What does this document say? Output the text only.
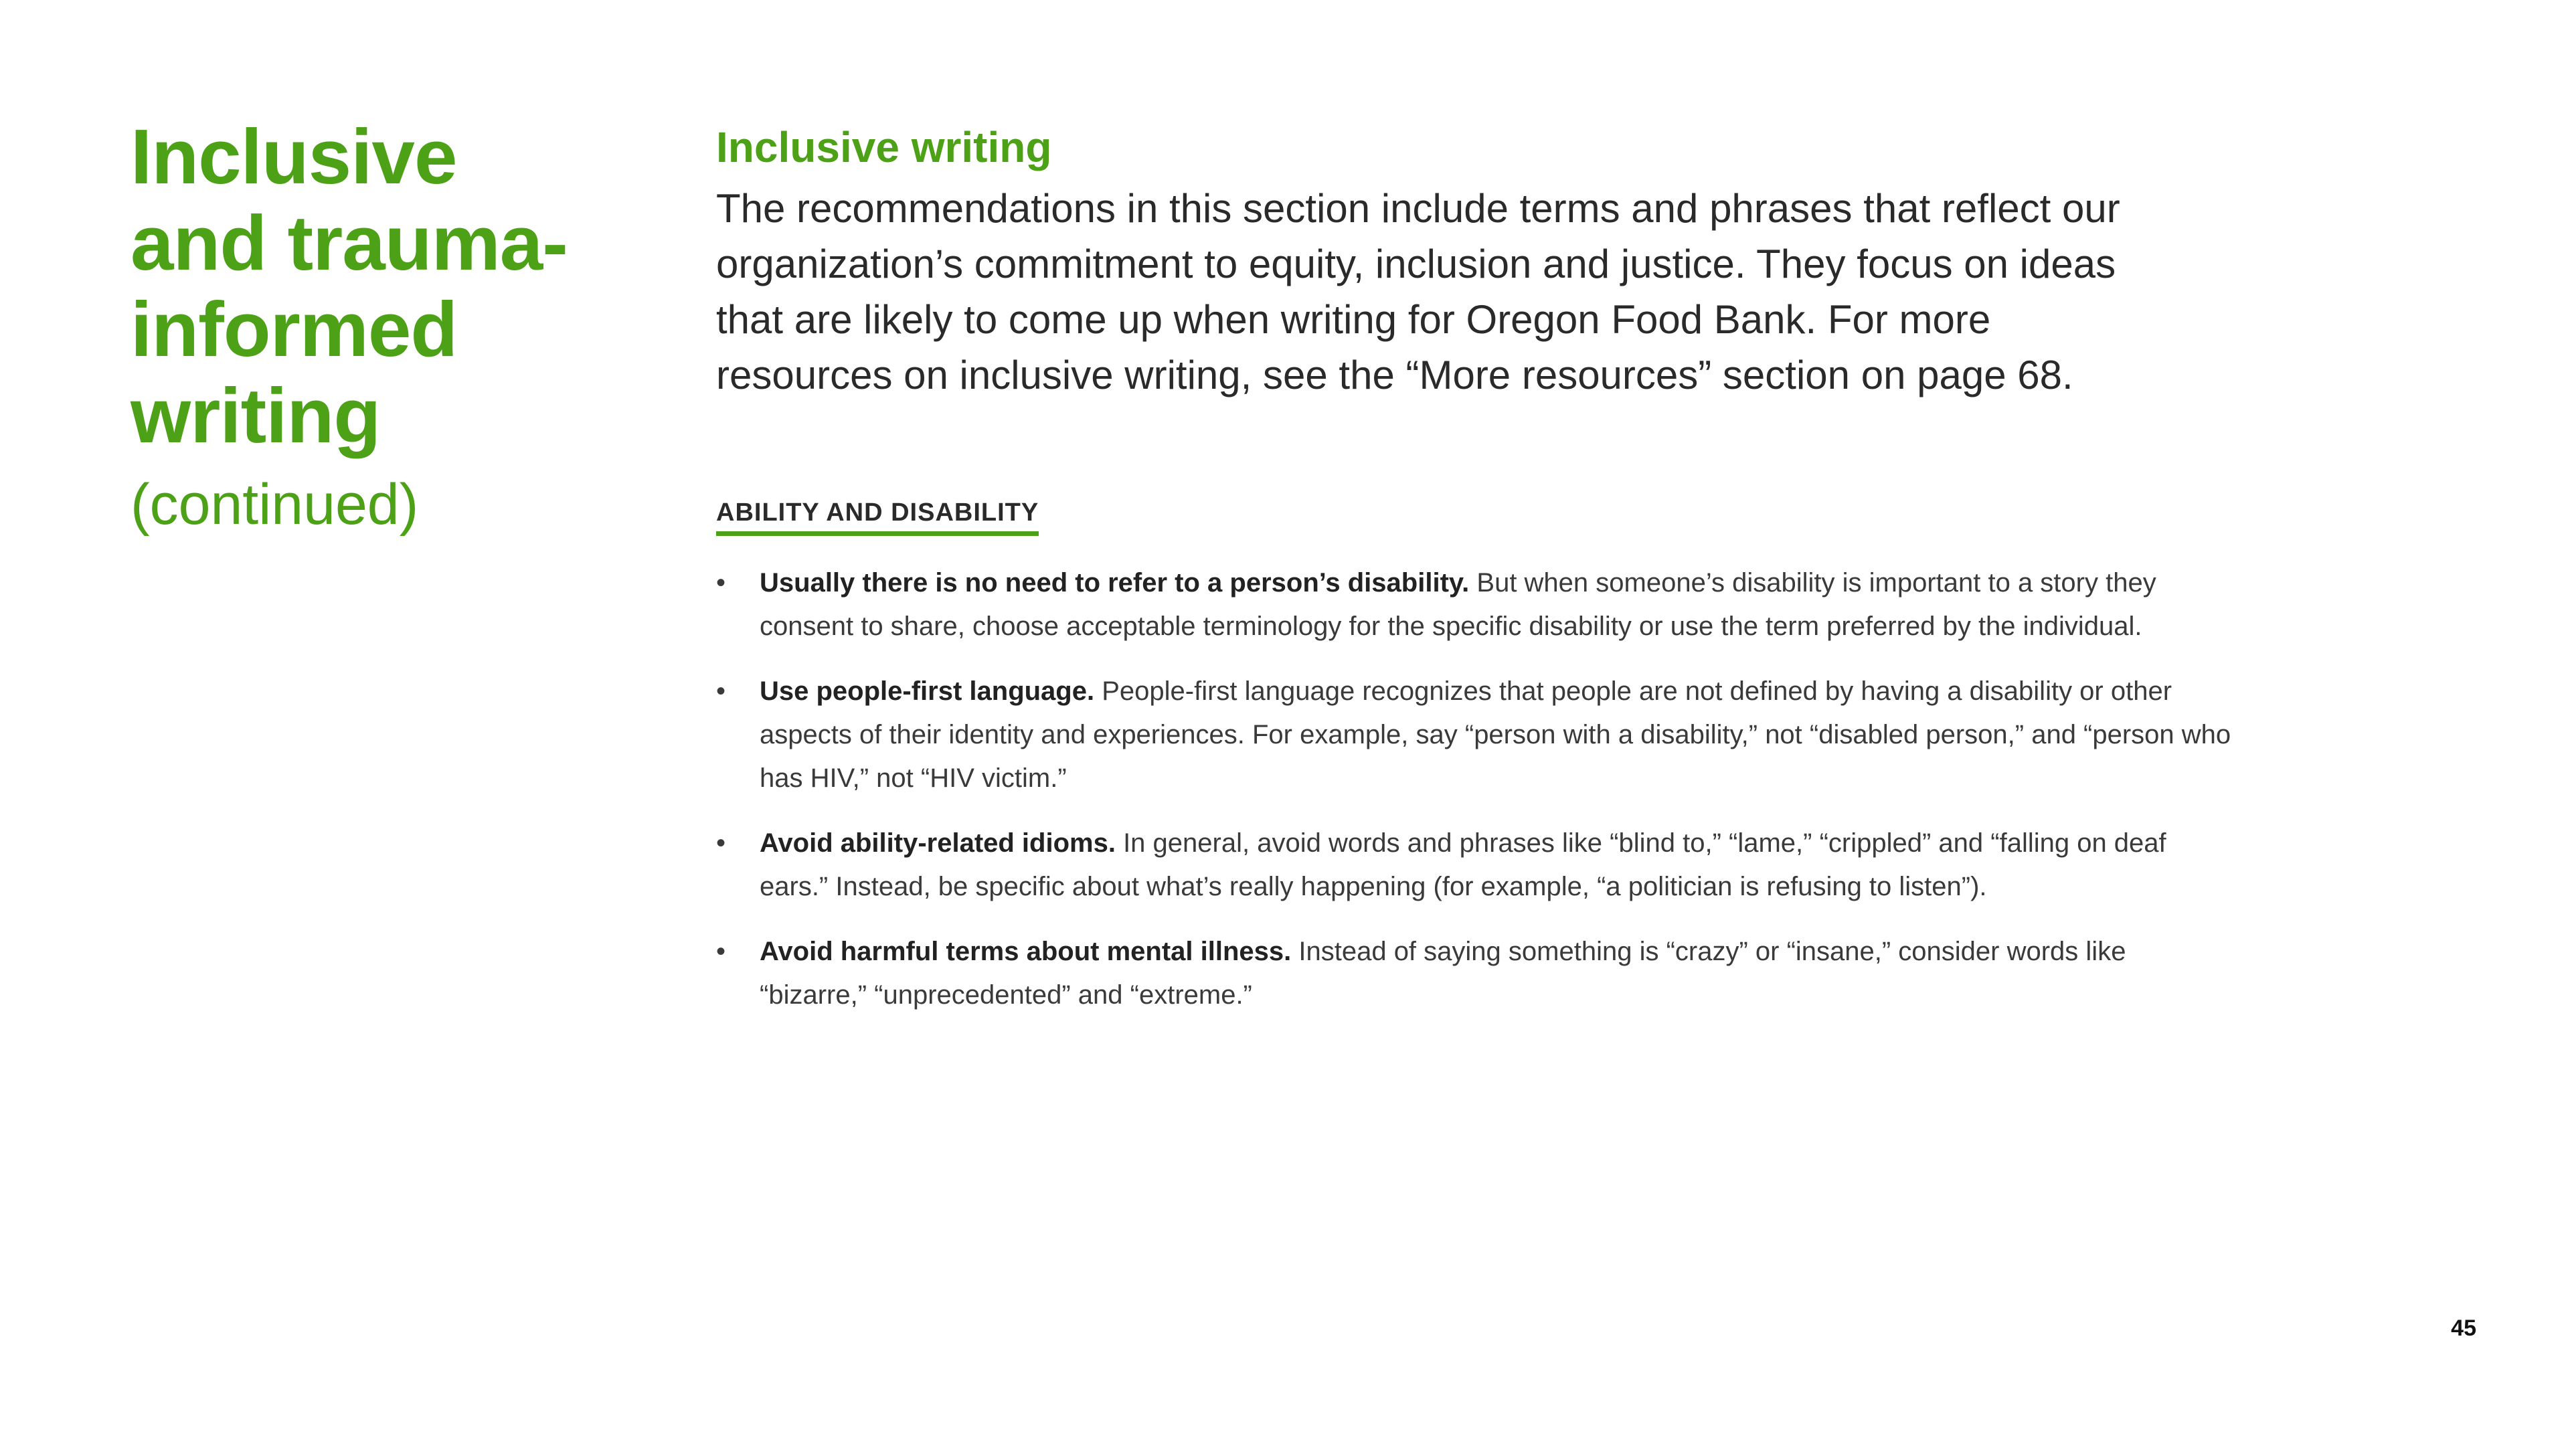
Inclusive
and trauma-
informed
writing
(continued)
Inclusive writing

The recommendations in this section include terms and phrases that reflect our organization’s commitment to equity, inclusion and justice. They focus on ideas that are likely to come up when writing for Oregon Food Bank. For more resources on inclusive writing, see the “More resources” section on page 68.

ABILITY AND DISABILITY
• Usually there is no need to refer to a person’s disability. But when someone’s disability is important to a story they consent to share, choose acceptable terminology for the specific disability or use the term preferred by the individual.
• Use people-first language. People-first language recognizes that people are not defined by having a disability or other aspects of their identity and experiences. For example, say “person with a disability,” not “disabled person,” and “person who has HIV,” not “HIV victim.”
• Avoid ability-related idioms. In general, avoid words and phrases like “blind to,” “lame,” “crippled” and “falling on deaf ears.” Instead, be specific about what’s really happening (for example, “a politician is refusing to listen”).
• Avoid harmful terms about mental illness. Instead of saying something is “crazy” or “insane,” consider words like “bizarre,” “unprecedented” and “extreme.”
45
